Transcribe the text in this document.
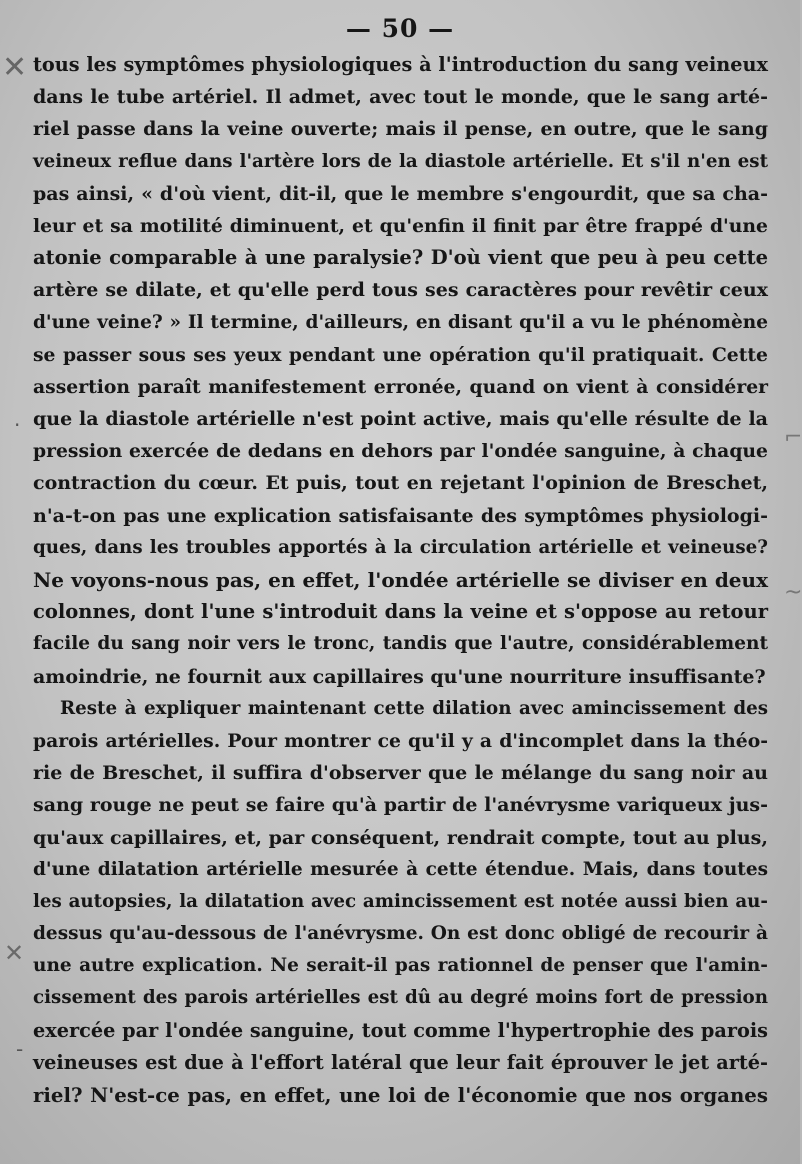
— 50 —
✕
·
✕
-
⌐
~
tous les symptômes physiologiques à l'introduction du sang veineux
dans le tube artériel. Il admet, avec tout le monde, que le sang arté-
riel passe dans la veine ouverte; mais il pense, en outre, que le sang
veineux reflue dans l'artère lors de la diastole artérielle. Et s'il n'en est
pas ainsi, « d'où vient, dit-il, que le membre s'engourdit, que sa cha-
leur et sa motilité diminuent, et qu'enfin il finit par être frappé d'une
atonie comparable à une paralysie? D'où vient que peu à peu cette
artère se dilate, et qu'elle perd tous ses caractères pour revêtir ceux
d'une veine? » Il termine, d'ailleurs, en disant qu'il a vu le phénomène
se passer sous ses yeux pendant une opération qu'il pratiquait. Cette
assertion paraît manifestement erronée, quand on vient à considérer
que la diastole artérielle n'est point active, mais qu'elle résulte de la
pression exercée de dedans en dehors par l'ondée sanguine, à chaque
contraction du cœur. Et puis, tout en rejetant l'opinion de Breschet,
n'a-t-on pas une explication satisfaisante des symptômes physiologi-
ques, dans les troubles apportés à la circulation artérielle et veineuse?
Ne voyons-nous pas, en effet, l'ondée artérielle se diviser en deux
colonnes, dont l'une s'introduit dans la veine et s'oppose au retour
facile du sang noir vers le tronc, tandis que l'autre, considérablement
amoindrie, ne fournit aux capillaires qu'une nourriture insuffisante?
Reste à expliquer maintenant cette dilation avec amincissement des
parois artérielles. Pour montrer ce qu'il y a d'incomplet dans la théo-
rie de Breschet, il suffira d'observer que le mélange du sang noir au
sang rouge ne peut se faire qu'à partir de l'anévrysme variqueux jus-
qu'aux capillaires, et, par conséquent, rendrait compte, tout au plus,
d'une dilatation artérielle mesurée à cette étendue. Mais, dans toutes
les autopsies, la dilatation avec amincissement est notée aussi bien au-
dessus qu'au-dessous de l'anévrysme. On est donc obligé de recourir à
une autre explication. Ne serait-il pas rationnel de penser que l'amin-
cissement des parois artérielles est dû au degré moins fort de pression
exercée par l'ondée sanguine, tout comme l'hypertrophie des parois
veineuses est due à l'effort latéral que leur fait éprouver le jet arté-
riel? N'est-ce pas, en effet, une loi de l'économie que nos organes
